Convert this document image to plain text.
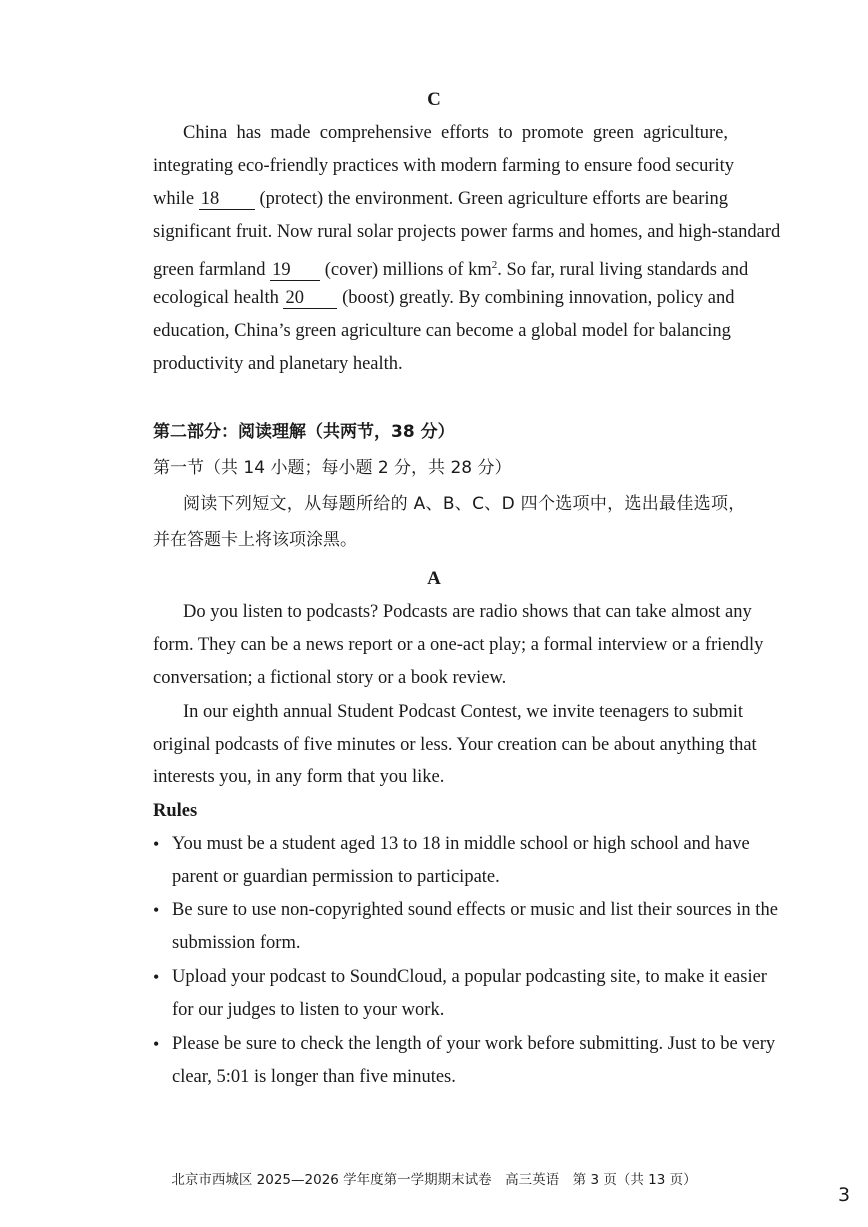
C
China has made comprehensive efforts to promote green agriculture,
integrating eco-friendly practices with modern farming to ensure food security
while 18 (protect) the environment. Green agriculture efforts are bearing
significant fruit. Now rural solar projects power farms and homes, and high-standard
green farmland 19 (cover) millions of $km^2$. So far, rural living standards and
ecological health 20 (boost) greatly. By combining innovation, policy and
education, China’s green agriculture can become a global model for balancing
productivity and planetary health.
第二部分：阅读理解（共两节，38 分）
第一节（共 14 小题；每小题 2 分，共 28 分）
阅读下列短文，从每题所给的 A、B、C、D 四个选项中，选出最佳选项，
并在答题卡上将该项涂黑。
A
Do you listen to podcasts? Podcasts are radio shows that can take almost any
form. They can be a news report or a one-act play; a formal interview or a friendly
conversation; a fictional story or a book review.
In our eighth annual Student Podcast Contest, we invite teenagers to submit
original podcasts of five minutes or less. Your creation can be about anything that
interests you, in any form that you like.
Rules
• You must be a student aged 13 to 18 in middle school or high school and have
parent or guardian permission to participate.
• Be sure to use non-copyrighted sound effects or music and list their sources in the
submission form.
• Upload your podcast to SoundCloud, a popular podcasting site, to make it easier
for our judges to listen to your work.
• Please be sure to check the length of your work before submitting. Just to be very
clear, 5:01 is longer than five minutes.
北京市西城区 2025—2026 学年度第一学期期末试卷　高三英语　第 3 页（共 13 页）
3
